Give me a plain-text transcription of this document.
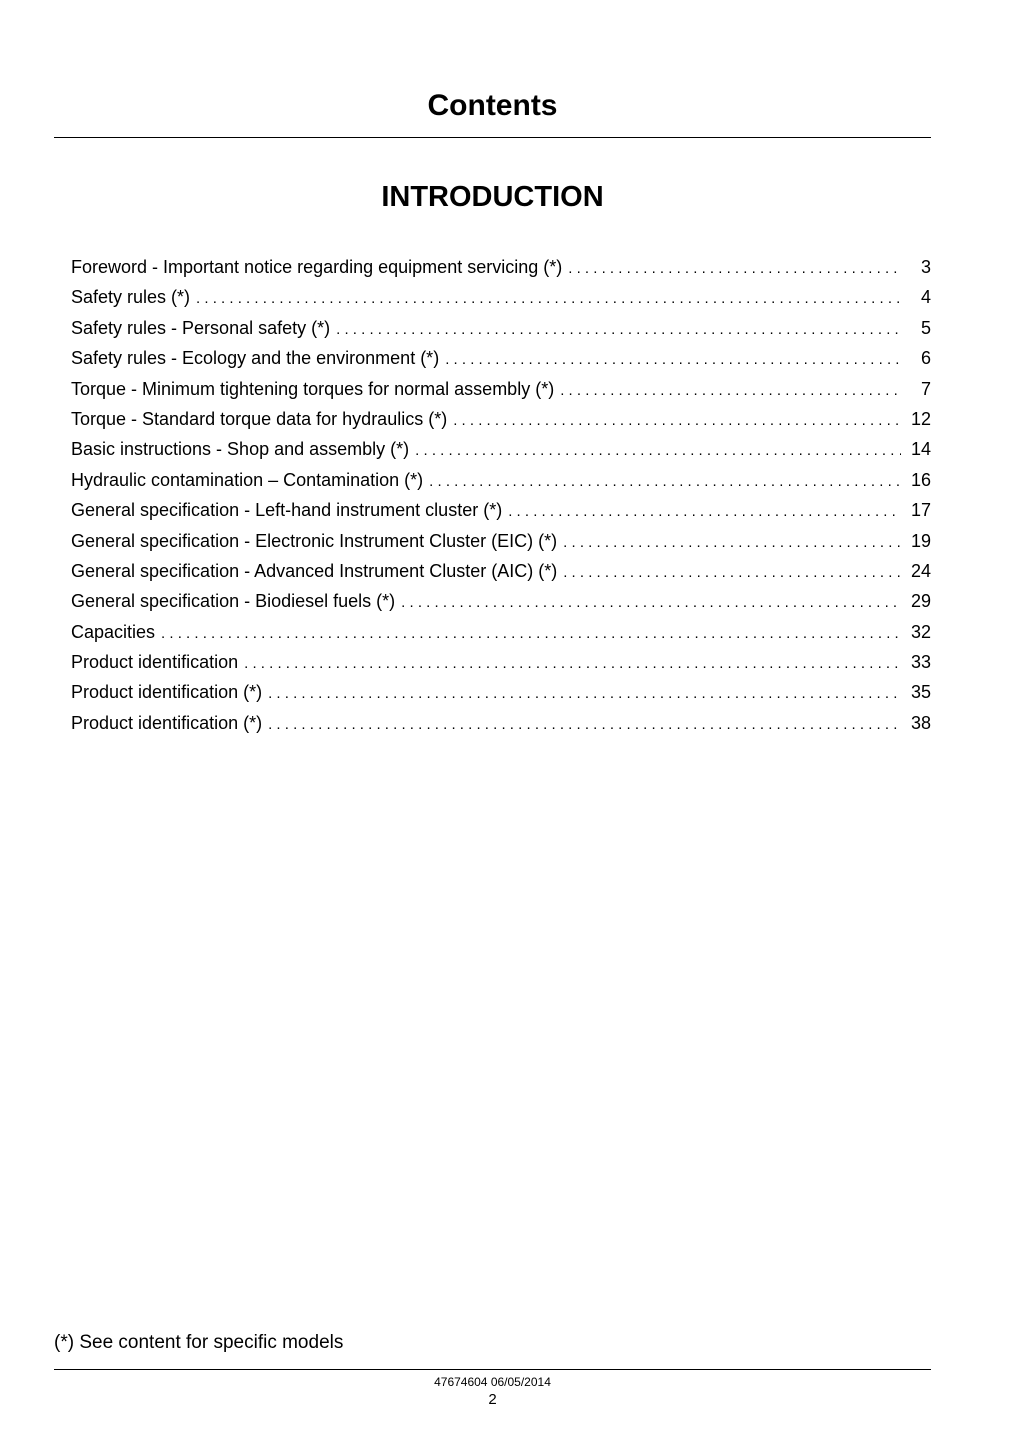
Contents
INTRODUCTION
Foreword - Important notice regarding equipment servicing (*) . . .	3
Safety rules (*) . . .	4
Safety rules - Personal safety (*) . . .	5
Safety rules - Ecology and the environment (*) . . .	6
Torque - Minimum tightening torques for normal assembly (*) . . .	7
Torque - Standard torque data for hydraulics (*) . . .	12
Basic instructions - Shop and assembly (*) . . .	14
Hydraulic contamination – Contamination (*) . . .	16
General specification - Left-hand instrument cluster (*) . . .	17
General specification - Electronic Instrument Cluster (EIC) (*) . . .	19
General specification - Advanced Instrument Cluster (AIC) (*) . . .	24
General specification - Biodiesel fuels (*) . . .	29
Capacities . . .	32
Product identification . . .	33
Product identification (*) . . .	35
Product identification (*) . . .	38

(*) See content for specific models

47674604 06/05/2014
2
